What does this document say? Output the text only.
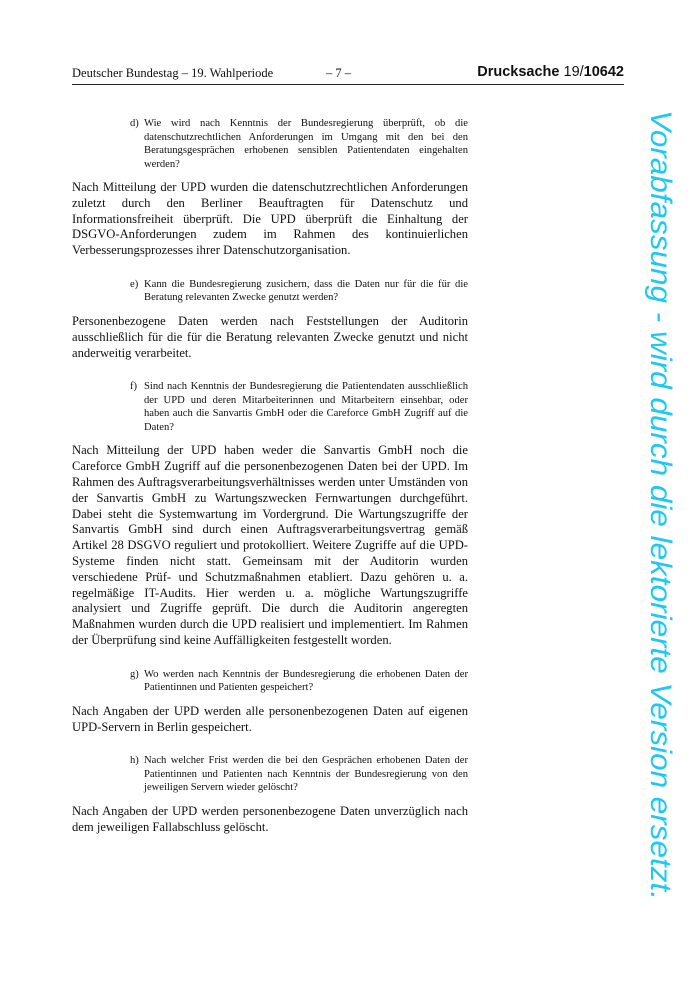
Deutscher Bundestag – 19. Wahlperiode	– 7 –	Drucksache 19/10642
d) Wie wird nach Kenntnis der Bundesregierung überprüft, ob die datenschutzrechtlichen Anforderungen im Umgang mit den bei den Beratungsgesprächen erhobenen sensiblen Patientendaten eingehalten werden?
Nach Mitteilung der UPD wurden die datenschutzrechtlichen Anforderungen zuletzt durch den Berliner Beauftragten für Datenschutz und Informationsfreiheit überprüft. Die UPD überprüft die Einhaltung der DSGVO-Anforderungen zudem im Rahmen des kontinuierlichen Verbesserungsprozesses ihrer Datenschutzorganisation.
e) Kann die Bundesregierung zusichern, dass die Daten nur für die für die Beratung relevanten Zwecke genutzt werden?
Personenbezogene Daten werden nach Feststellungen der Auditorin ausschließlich für die für die Beratung relevanten Zwecke genutzt und nicht anderweitig verarbeitet.
f) Sind nach Kenntnis der Bundesregierung die Patientendaten ausschließlich der UPD und deren Mitarbeiterinnen und Mitarbeitern einsehbar, oder haben auch die Sanvartis GmbH oder die Careforce GmbH Zugriff auf die Daten?
Nach Mitteilung der UPD haben weder die Sanvartis GmbH noch die Careforce GmbH Zugriff auf die personenbezogenen Daten bei der UPD. Im Rahmen des Auftragsverarbeitungsverhältnisses werden unter Umständen von der Sanvartis GmbH zu Wartungszwecken Fernwartungen durchgeführt. Dabei steht die Systemwartung im Vordergrund. Die Wartungszugriffe der Sanvartis GmbH sind durch einen Auftragsverarbeitungsvertrag gemäß Artikel 28 DSGVO reguliert und protokolliert. Weitere Zugriffe auf die UPD-Systeme finden nicht statt. Gemeinsam mit der Auditorin wurden verschiedene Prüf- und Schutzmaßnahmen etabliert. Dazu gehören u. a. regelmäßige IT-Audits. Hier werden u. a. mögliche Wartungszugriffe analysiert und Zugriffe geprüft. Die durch die Auditorin angeregten Maßnahmen wurden durch die UPD realisiert und implementiert. Im Rahmen der Überprüfung sind keine Auffälligkeiten festgestellt worden.
g) Wo werden nach Kenntnis der Bundesregierung die erhobenen Daten der Patientinnen und Patienten gespeichert?
Nach Angaben der UPD werden alle personenbezogenen Daten auf eigenen UPD-Servern in Berlin gespeichert.
h) Nach welcher Frist werden die bei den Gesprächen erhobenen Daten der Patientinnen und Patienten nach Kenntnis der Bundesregierung von den jeweiligen Servern wieder gelöscht?
Nach Angaben der UPD werden personenbezogene Daten unverzüglich nach dem jeweiligen Fallabschluss gelöscht.	Vorabfassung - wird durch die lektorierte Version ersetzt.
